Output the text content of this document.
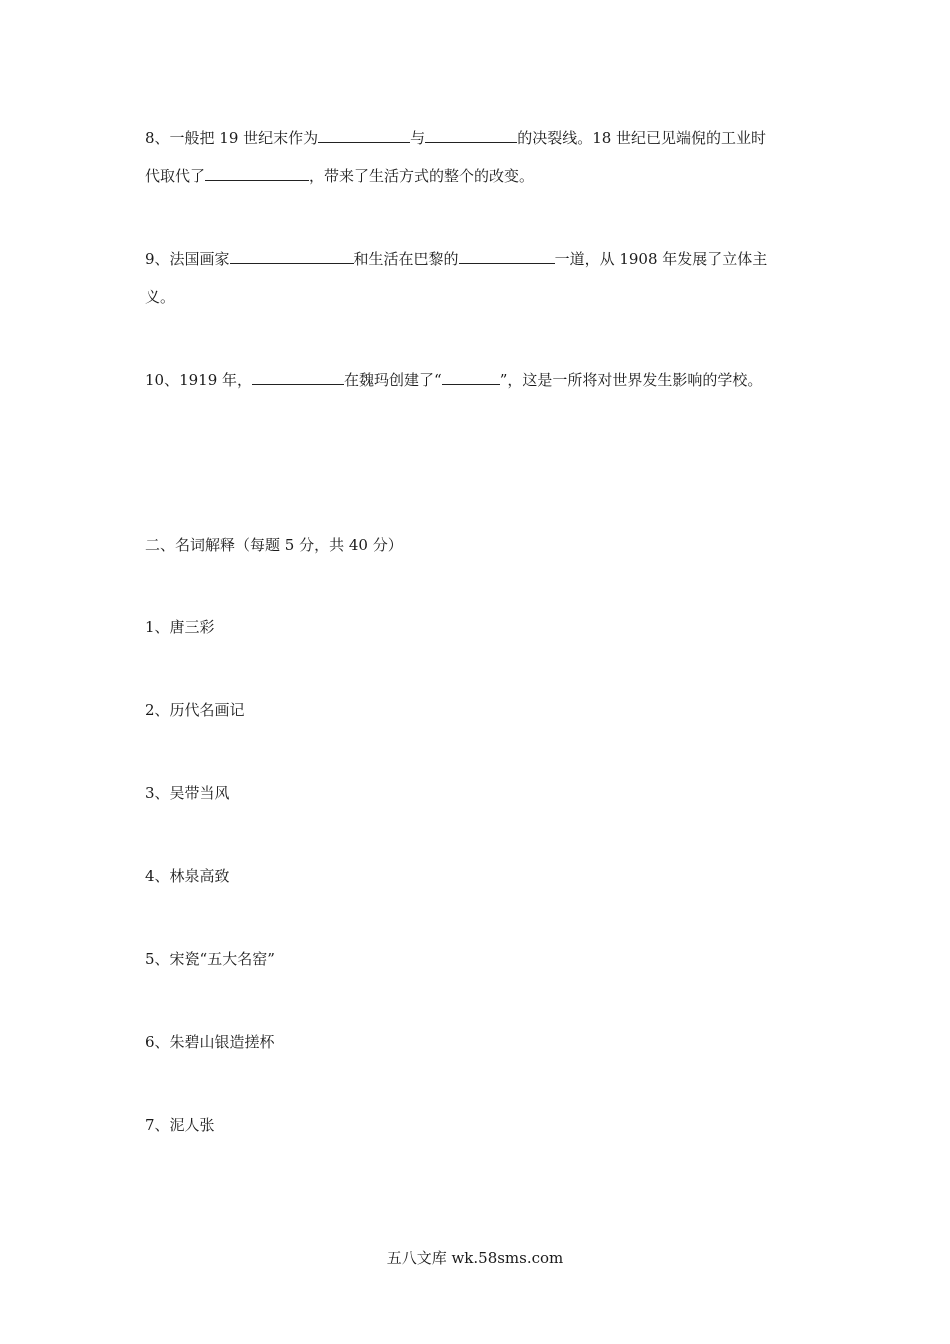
8、一般把 19 世纪末作为	与	的决裂线。18 世纪已见端倪的工业时
代取代了	，带来了生活方式的整个的改变。
9、法国画家	和生活在巴黎的	一道，从 1908 年发展了立体主
义。
10、1919 年，	在魏玛创建了“	”，这是一所将对世界发生影响的学校。
二、名词解释（每题 5 分，共 40 分）
1、唐三彩
2、历代名画记
3、吴带当风
4、林泉高致
5、宋瓷“五大名窑”
6、朱碧山银造搓杯
7、泥人张
五八文库 wk.58sms.com
